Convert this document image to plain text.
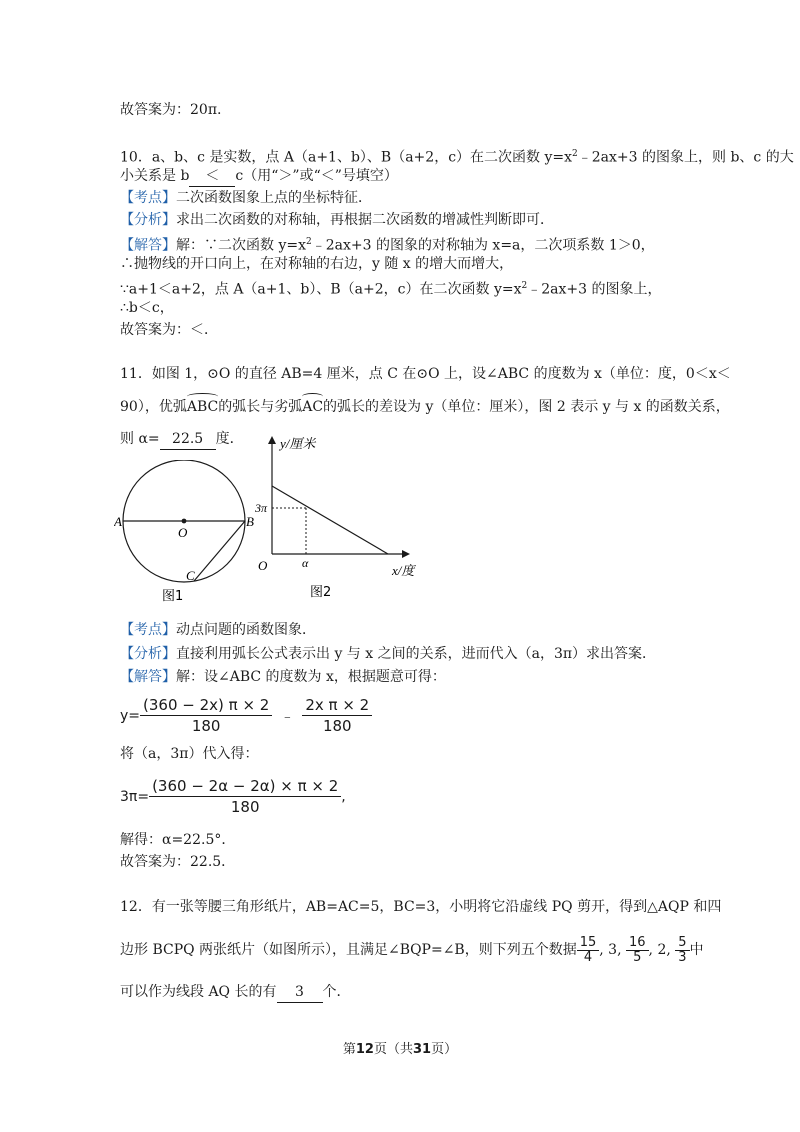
故答案为：20π.
10．a、b、c 是实数，点 A（a+1、b）、B（a+2，c）在二次函数 $y=x^2﹣2ax+3$ 的图象上，则 b、c 的大
小关系是 b ＜ c（用“＞”或“＜”号填空）
【考点】二次函数图象上点的坐标特征．
【分析】求出二次函数的对称轴，再根据二次函数的增减性判断即可．
【解答】解：∵二次函数 $y=x^2﹣2ax+3$ 的图象的对称轴为 x=a，二次项系数 1＞0，
∴抛物线的开口向上，在对称轴的右边，y 随 x 的增大而增大，
∵a+1＜a+2，点 A（a+1、b）、B（a+2，c）在二次函数 $y=x^2﹣2ax+3$ 的图象上，
∴b＜c，
故答案为：＜．
11．如图 1，⊙O 的直径 AB=4 厘米，点 C 在⊙O 上，设∠ABC 的度数为 x（单位：度，0＜x＜
90），优弧ABC的弧长与劣弧AC的弧长的差设为 y（单位：厘米），图 2 表示 y 与 x 的函数关系，
则 α= 22.5 度．
A	B
O
C
图1
y/厘米
x/度
O
3π
α
图2
【考点】动点问题的函数图象．
【分析】直接利用弧长公式表示出 y 与 x 之间的关系，进而代入（a，3π）求出答案．
【解答】解：设∠ABC 的度数为 x，根据题意可得：
$y= \frac{(360 - 2x) \pi \times 2}{180}$ ﹣ $\frac{\text{2x π × 2}}{180}$
将（a，3π）代入得：
$3\pi= \frac{(360 - 2\alpha - 2\alpha) \times \pi \times 2}{180}$ ,
解得：α=22.5°．
故答案为：22.5．
12．有一张等腰三角形纸片，AB=AC=5，BC=3，小明将它沿虚线 PQ 剪开，得到△AQP 和四
边形 BCPQ 两张纸片（如图所示），且满足∠BQP=∠B，则下列五个数据 $\frac{15}{4}$ , 3, $\frac{16}{5}$ , 2, $\frac{5}{3}$ 中
可以作为线段 AQ 长的有 3 个．
第12页（共31页）
